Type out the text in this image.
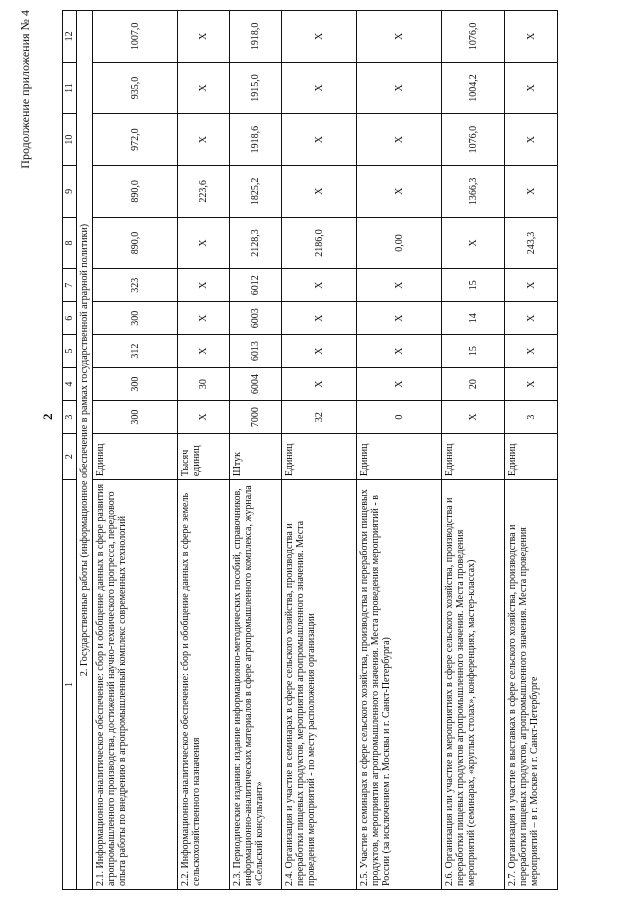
Продолжение приложения № 4
2
1	2	3	4	5	6	7	8	9	10	11	12
2. Государственные работы (информационное обеспечение в рамках государственной аграрной политики)											
2.1. Информационно-аналитическое обеспечение: сбор и обобщение данных в сфере развития агропромышленного производства, достижений научно-технического прогресса, передового опыта работы по внедрению в агропромышленный комплекс современных технологий	Единиц	300	300	312	300	323	890,0	890,0	972,0	935,0	1007,0
2.2. Информационно-аналитическое обеспечение: сбор и обобщение данных в сфере земель сельскохозяйственного назначения	Тысяч единиц	Х	30	Х	Х	Х	Х	223,6	Х	Х	Х
2.3. Периодические издания: издание информационно-методических пособий, справочников, информационно-аналитических материалов в сфере агропромышленного комплекса, журнала «Сельский консультант»	Штук	7000	6004	6013	6003	6012	2128,3	1825,2	1918,6	1915,0	1918,0
2.4. Организация и участие в семинарах в сфере сельского хозяйства, производства и переработки пищевых продуктов, мероприятия агропромышленного значения. Места проведения мероприятий - по месту расположения организации	Единиц	32	Х	Х	Х	Х	2186,0	Х	Х	Х	Х
2.5. Участие в семинарах в сфере сельского хозяйства, производства и переработки пищевых продуктов, мероприятия агропромышленного значения. Места проведения мероприятий - в России (за исключением г. Москвы и г. Санкт-Петербурга)	Единиц	0	Х	Х	Х	Х	0,00	Х	Х	Х	Х
2.6. Организация или участие в мероприятиях в сфере сельского хозяйства, производства и переработки пищевых продуктов агропромышленного значения. Места проведения мероприятий (семинарах, «круглых столах», конференциях, мастер-классах)	Единиц	Х	20	15	14	15	Х	1366,3	1076,0	1004,2	1076,0
2.7. Организация и участие в выставках в сфере сельского хозяйства, производства и переработки пищевых продуктов, агропромышленного значения. Места проведения мероприятий – в г. Москве и г. Санкт-Петербурге	Единиц	3	Х	Х	Х	Х	243,3	Х	Х	Х	Х
